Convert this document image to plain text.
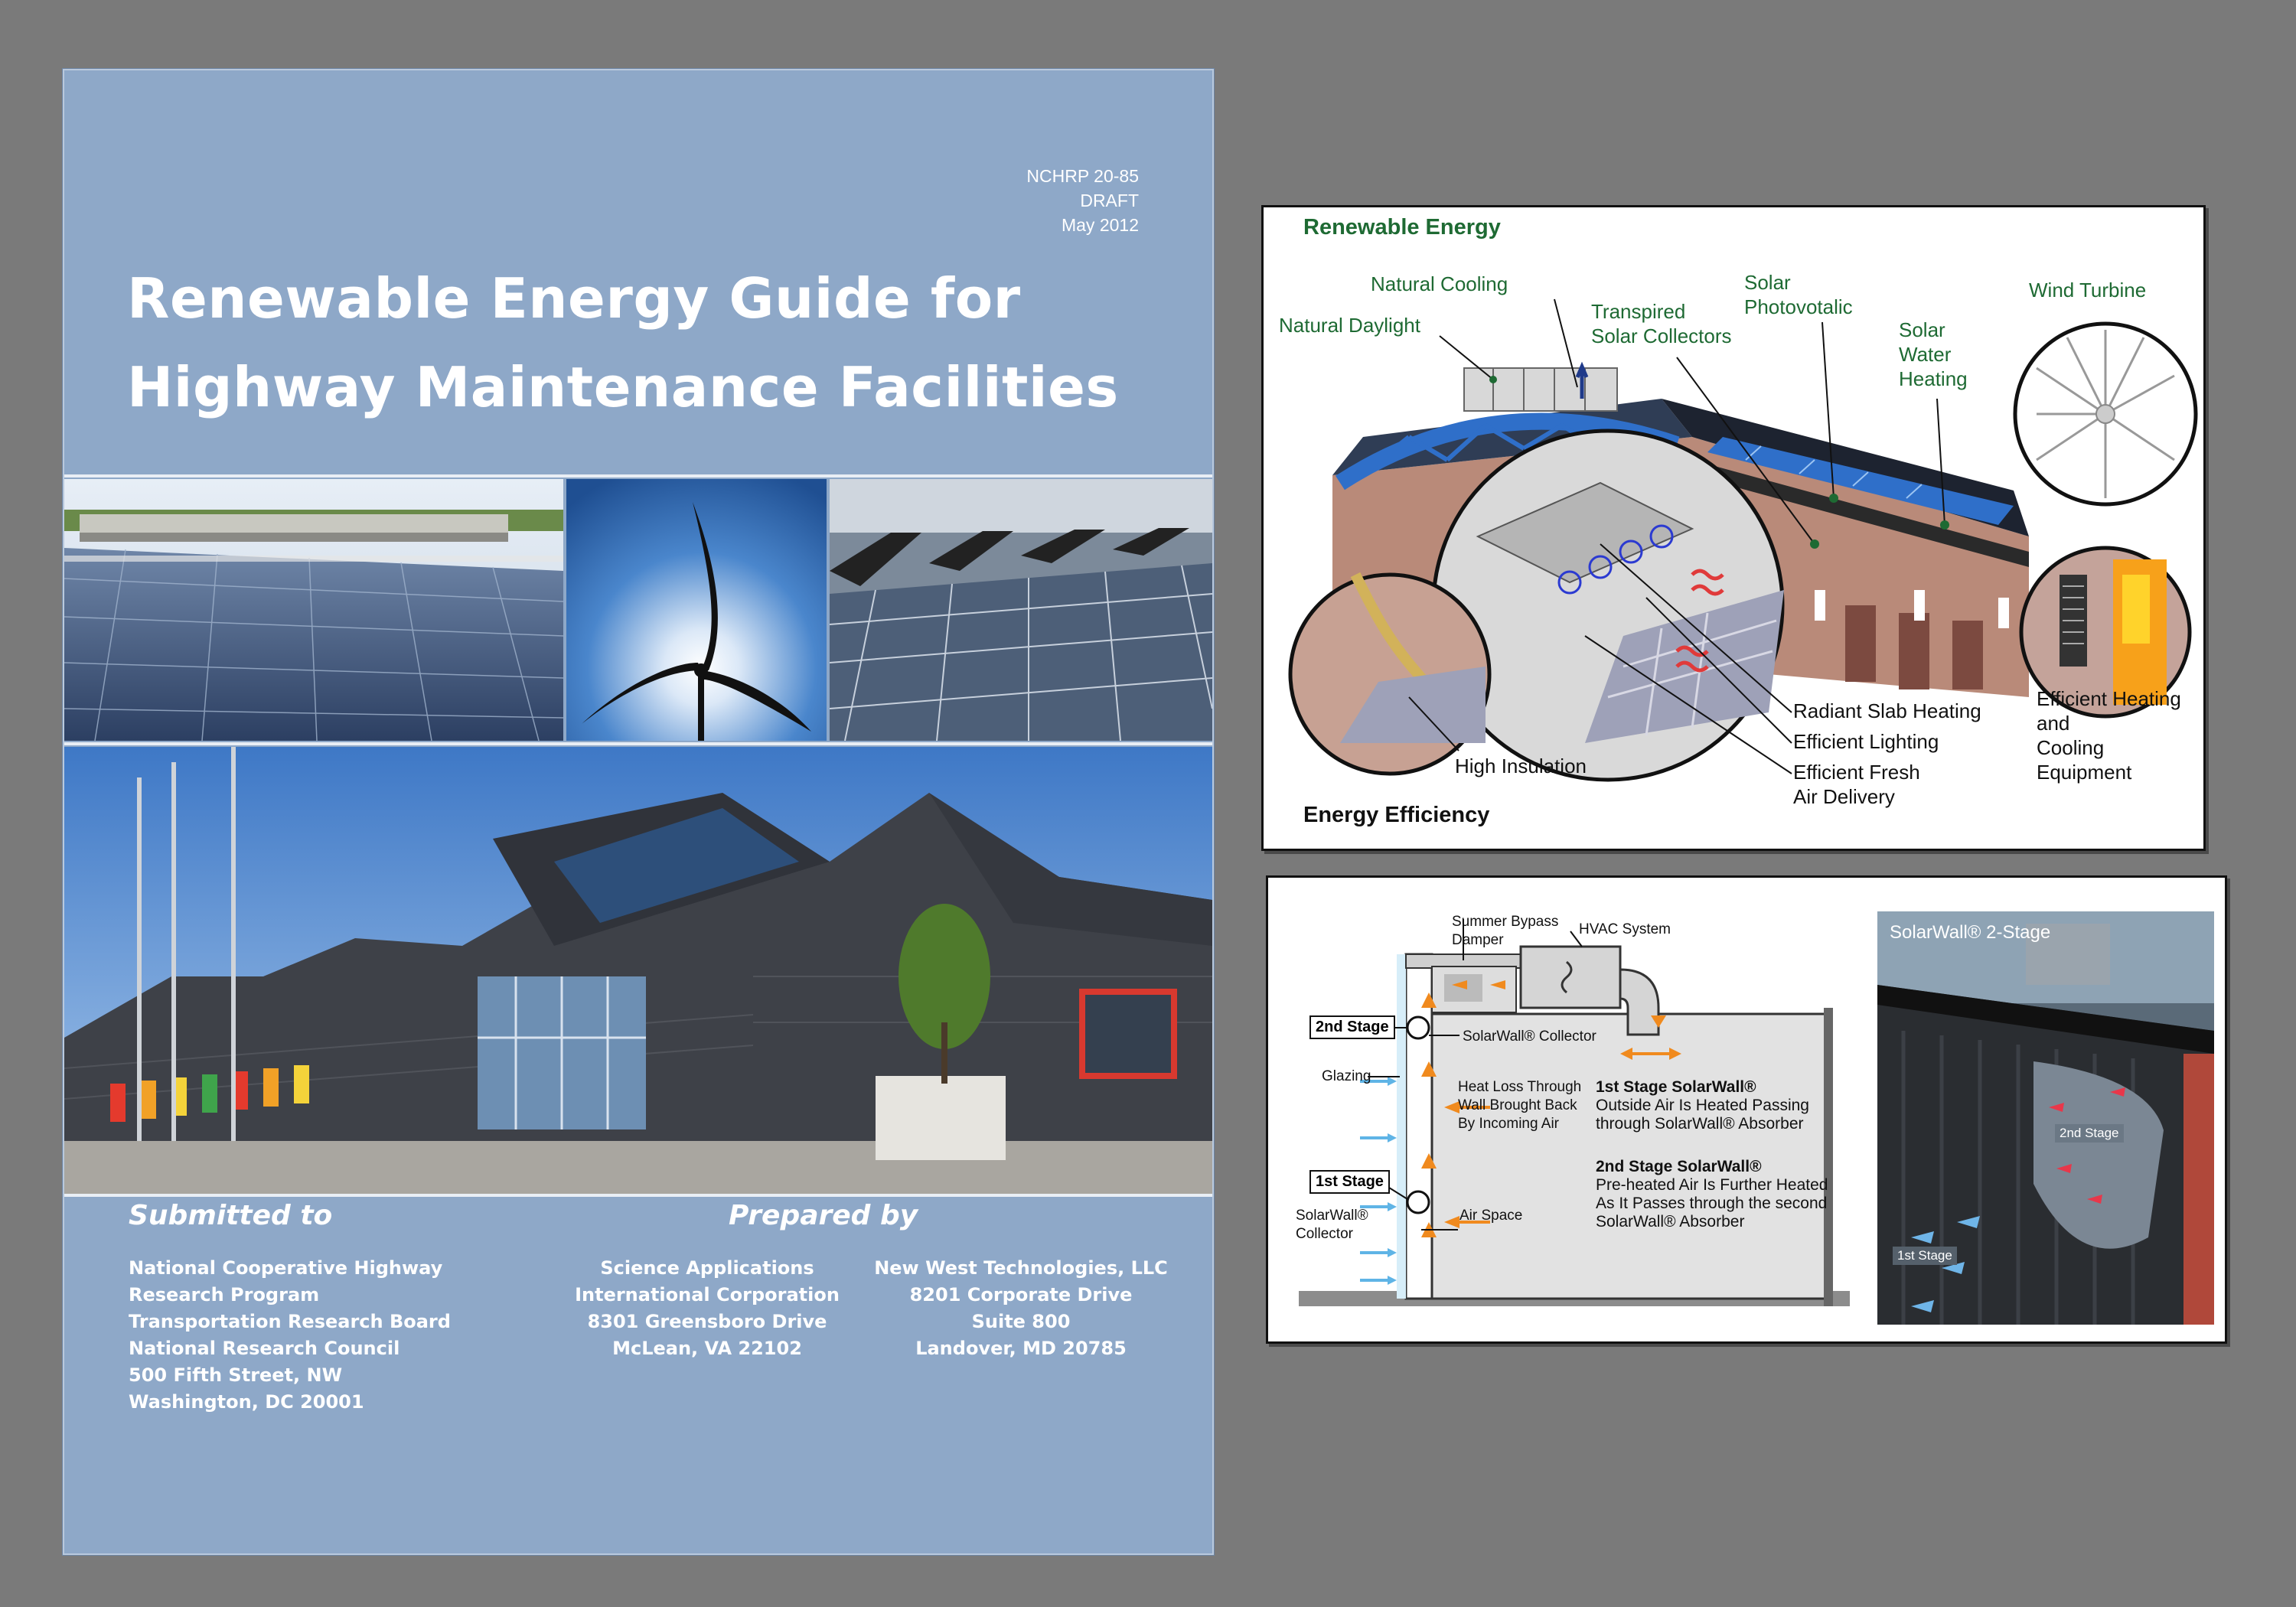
NCHRP 20-85
DRAFT
May 2012
Renewable Energy Guide for
Highway Maintenance Facilities
Submitted to	Prepared by
National Cooperative Highway
Research Program
Transportation Research Board
National Research Council
500 Fifth Street, NW
Washington, DC 20001
Science Applications
International Corporation
8301 Greensboro Drive
McLean, VA 22102
New West Technologies, LLC
8201 Corporate Drive
Suite 800
Landover, MD 20785
Renewable Energy
Energy Efficiency
Natural Cooling
Natural Daylight
Transpired
Solar Collectors
Solar
Photovotalic
Solar
Water
Heating
Wind Turbine
Radiant Slab Heating
Efficient Lighting
Efficient Fresh
Air Delivery
High Insulation
Efficient Heating and
Cooling Equipment
Summer Bypass
Damper
HVAC System
2nd Stage
1st Stage
SolarWall® Collector
Glazing
Heat Loss Through
Wall Brought Back
By Incoming Air
1st Stage SolarWall®
Outside Air Is Heated Passing
through SolarWall® Absorber
2nd Stage SolarWall®
Pre-heated Air Is Further Heated
As It Passes through the second
SolarWall® Absorber
SolarWall®
Collector
Air Space
SolarWall® 2-Stage
2nd Stage
1st Stage
